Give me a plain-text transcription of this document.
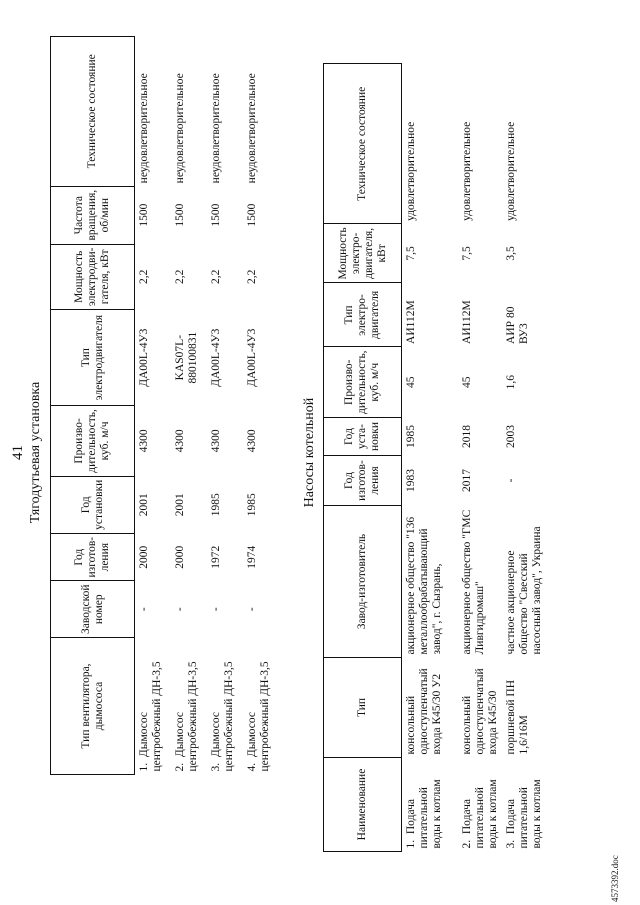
41 Тягодутьевая установка
Тип вентилятора, дымососа	Заводской номер	Год изготов-ления	Год установки	Произво-дительность, куб. м/ч	Тип электродвигателя	Мощность электродви-гателя, кВт	Частота вращения, об/мин	Техническое состояние
1.  Дымосос центробежный ДН-3,5	-	2000	2001	4300	ДА00L-4У3	2,2	1500	неудовлетворительное
2.  Дымосос центробежный ДН-3,5	-	2000	2001	4300	KAS07L-880100831	2,2	1500	неудовлетворительное
3.  Дымосос центробежный ДН-3,5	-	1972	1985	4300	ДА00L-4У3	2,2	1500	неудовлетворительное
4.  Дымосос центробежный ДН-3,5	-	1974	1985	4300	ДА00L-4У3	2,2	1500	неудовлетворительное
Насосы котельной
Наименование	Тип	Завод-изготовитель	Год изготов-ления	Год уста-новки	Произво-дительность, куб. м/ч	Тип электро-двигателя	Мощность электро-двигателя, кВт	Техническое состояние
1.  Подача питательной воды к котлам	консольный одноступенчатый входа К45/30 У2	акционерное общество "136 металлообрабатывающий завод", г. Сызрань,	1983	1985	45	АИ112М	7,5	удовлетворительное
2.  Подача питательной воды к котлам	консольный одноступенчатый входа К45/30	акционерное общество "ГМС Ливгидромаш"	2017	2018	45	АИ112М	7,5	удовлетворительное
3.  Подача питательной воды к котлам	поршневой ПН 1,6/16М	частное акционерное общество "Свесский насосный завод", Украина	-	2003	1,6	АИР 80 ВУ3	3,5	удовлетворительное
4573392.doc
